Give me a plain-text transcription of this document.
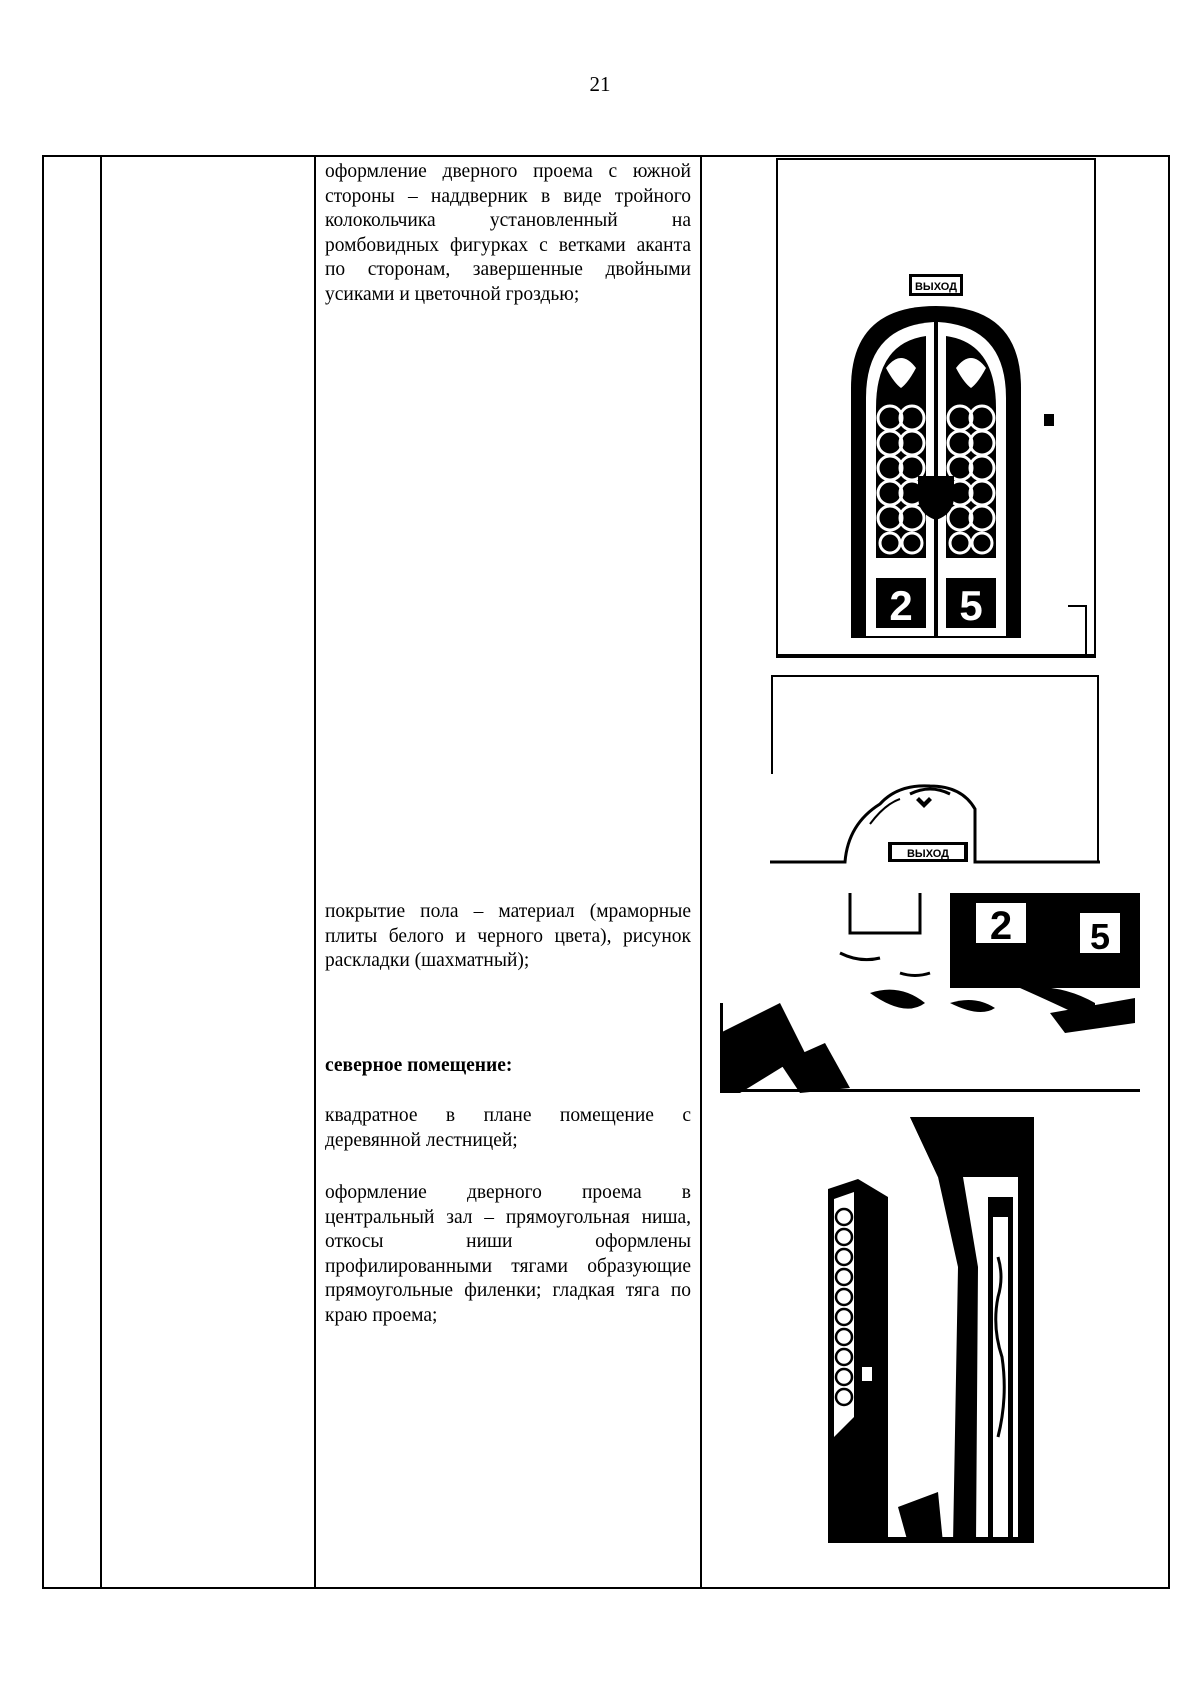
21
оформление дверного проема с южной стороны – наддверник в виде тройного колокольчика установленный на ромбовидных фигурках с ветками аканта по сторонам, завершенные двойными усиками и цветочной гроздью;
покрытие пола – материал (мраморные плиты белого и черного цвета), рисунок раскладки (шахматный);
северное помещение:
квадратное в плане помещение с деревянной лестницей;
оформление дверного проема в центральный зал – прямоугольная ниша, откосы ниши оформлены профилированными тягами образующие прямоугольные филенки; гладкая тяга по краю проема;
ВЫХОД
2 5
ВЫХОД
2 5
